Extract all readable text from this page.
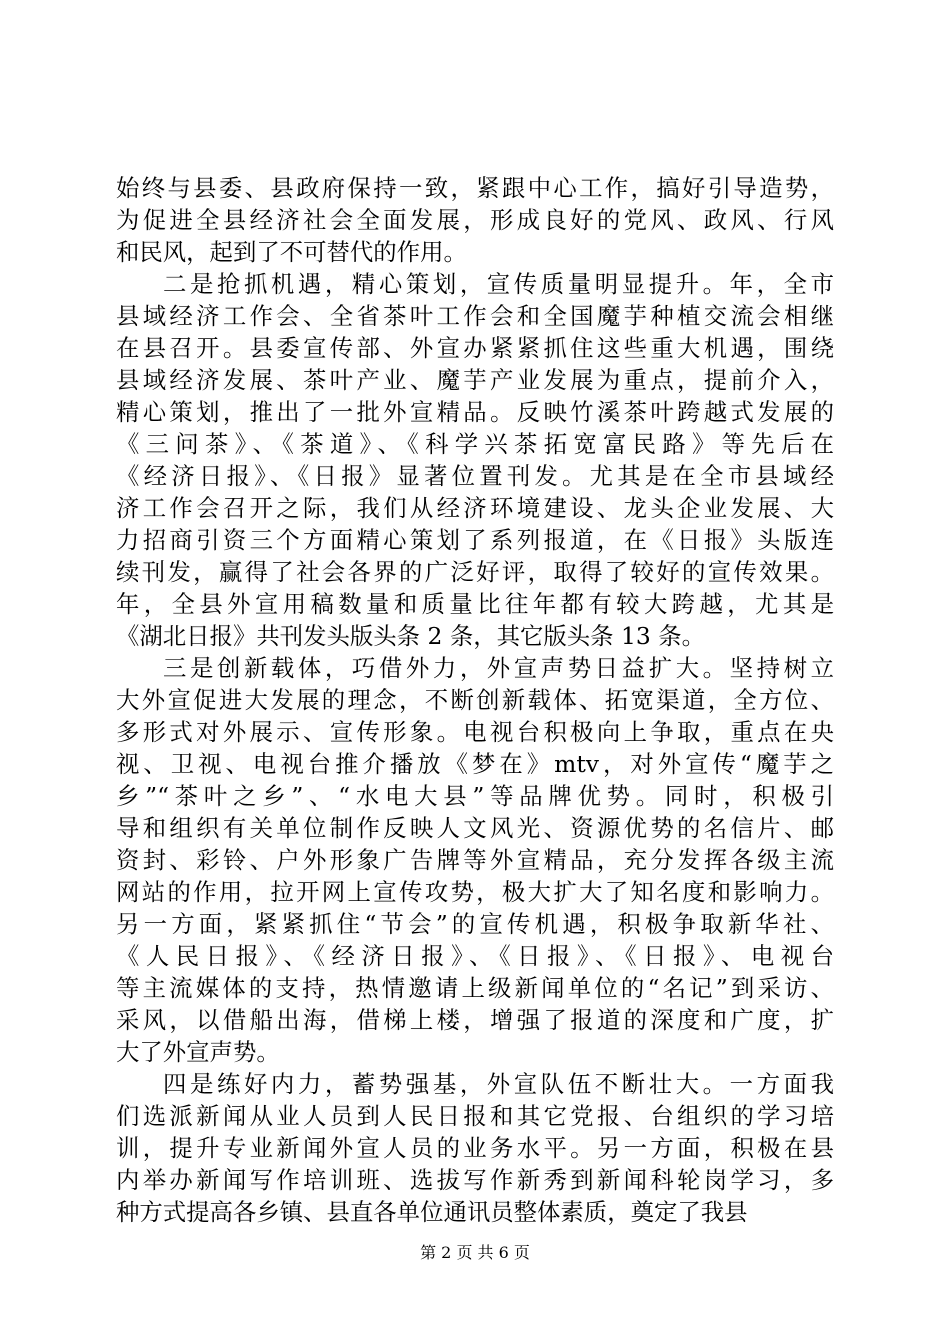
始终与县委、县政府保持一致，紧跟中心工作，搞好引导造势，
为促进全县经济社会全面发展，形成良好的党风、政风、行风
和民风，起到了不可替代的作用。
二是抢抓机遇，精心策划，宣传质量明显提升。年，全市
县域经济工作会、全省茶叶工作会和全国魔芋种植交流会相继
在县召开。县委宣传部、外宣办紧紧抓住这些重大机遇，围绕
县域经济发展、茶叶产业、魔芋产业发展为重点，提前介入，
精心策划，推出了一批外宣精品。反映竹溪茶叶跨越式发展的
《三问茶》、《茶道》、《科学兴茶拓宽富民路》等先后在
《经济日报》、《日报》显著位置刊发。尤其是在全市县域经
济工作会召开之际，我们从经济环境建设、龙头企业发展、大
力招商引资三个方面精心策划了系列报道，在《日报》头版连
续刊发，赢得了社会各界的广泛好评，取得了较好的宣传效果。
年，全县外宣用稿数量和质量比往年都有较大跨越，尤其是
《湖北日报》共刊发头版头条 2 条，其它版头条 13 条。
三是创新载体，巧借外力，外宣声势日益扩大。坚持树立
大外宣促进大发展的理念，不断创新载体、拓宽渠道，全方位、
多形式对外展示、宣传形象。电视台积极向上争取，重点在央
视、卫视、电视台推介播放《梦在》mtv，对外宣传“魔芋之
乡”“茶叶之乡”、“水电大县”等品牌优势。同时，积极引
导和组织有关单位制作反映人文风光、资源优势的名信片、邮
资封、彩铃、户外形象广告牌等外宣精品，充分发挥各级主流
网站的作用，拉开网上宣传攻势，极大扩大了知名度和影响力。
另一方面，紧紧抓住“节会”的宣传机遇，积极争取新华社、
《人民日报》、《经济日报》、《日报》、《日报》、电视台
等主流媒体的支持，热情邀请上级新闻单位的“名记”到采访、
采风，以借船出海，借梯上楼，增强了报道的深度和广度，扩
大了外宣声势。
四是练好内力，蓄势强基，外宣队伍不断壮大。一方面我
们选派新闻从业人员到人民日报和其它党报、台组织的学习培
训，提升专业新闻外宣人员的业务水平。另一方面，积极在县
内举办新闻写作培训班、选拔写作新秀到新闻科轮岗学习，多
种方式提高各乡镇、县直各单位通讯员整体素质，奠定了我县
第 2 页 共 6 页
